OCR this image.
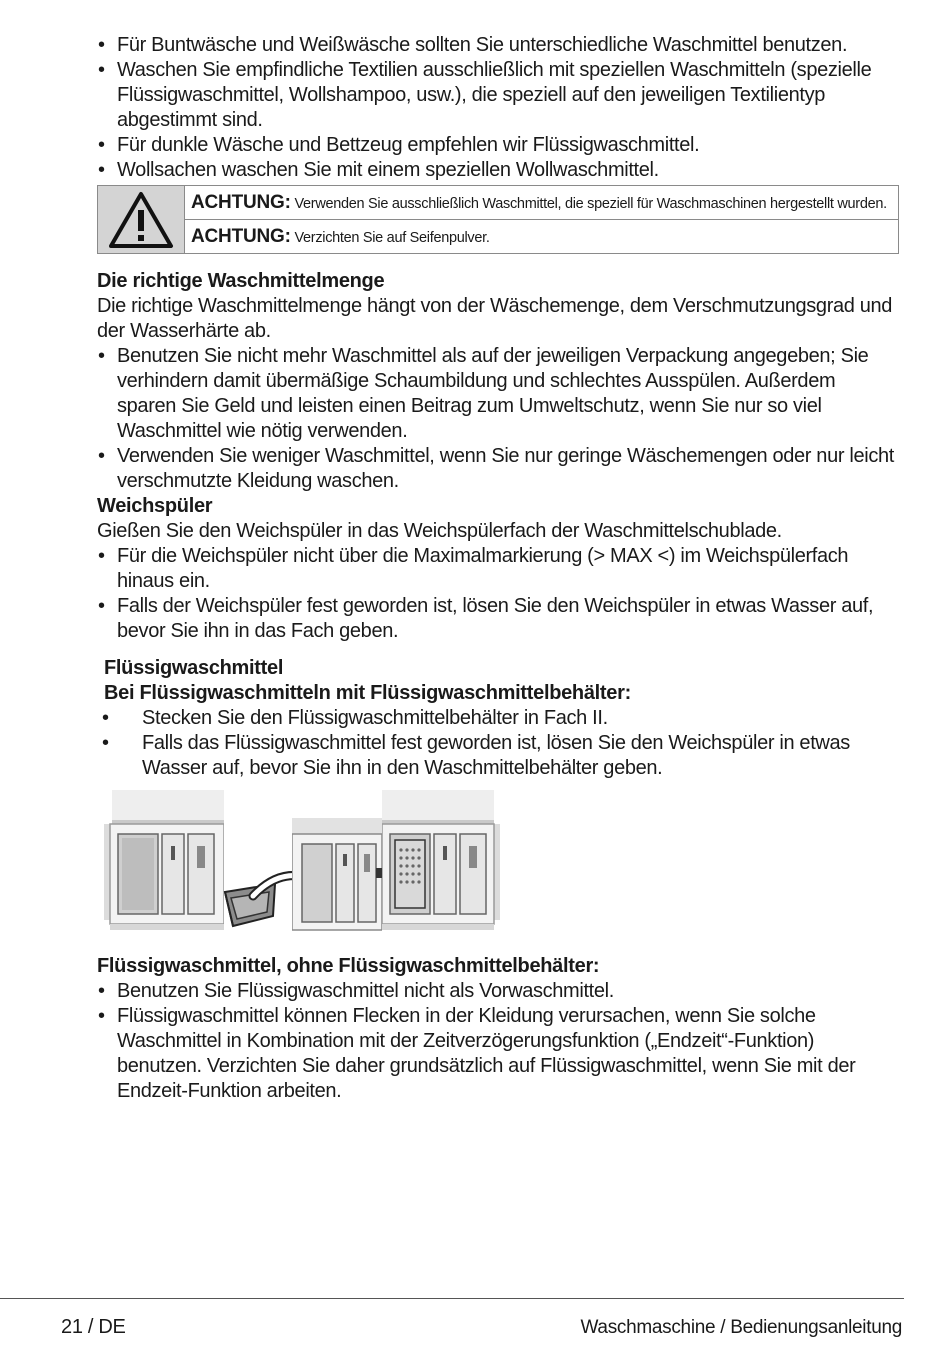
• Für Buntwäsche und Weißwäsche sollten Sie unterschiedliche Waschmittel benutzen.
• Waschen Sie empfindliche Textilien ausschließlich mit speziellen Waschmitteln (spezielle Flüssigwaschmittel, Wollshampoo, usw.), die speziell auf den jeweiligen Textilientyp abgestimmt sind.
• Für dunkle Wäsche und Bettzeug empfehlen wir Flüssigwaschmittel.
• Wollsachen waschen Sie mit einem speziellen Wollwaschmittel.
ACHTUNG: Verwenden Sie ausschließlich Waschmittel, die speziell für Waschmaschinen hergestellt wurden.
ACHTUNG: Verzichten Sie auf Seifenpulver.
Die richtige Waschmittelmenge

Die richtige Waschmittelmenge hängt von der Wäschemenge, dem Verschmutzungsgrad und der Wasserhärte ab.

• Benutzen Sie nicht mehr Waschmittel als auf der jeweiligen Verpackung angegeben; Sie verhindern damit übermäßige Schaumbildung und schlechtes Ausspülen. Außerdem sparen Sie Geld und leisten einen Beitrag zum Umweltschutz, wenn Sie nur so viel Waschmittel wie nötig verwenden.
• Verwenden Sie weniger Waschmittel, wenn Sie nur geringe Wäschemengen oder nur leicht verschmutzte Kleidung waschen.
Weichspüler

Gießen Sie den Weichspüler in das Weichspülerfach der Waschmittelschublade.

• Für die Weichspüler nicht über die Maximalmarkierung (> MAX <) im Weichspülerfach hinaus ein.
• Falls der Weichspüler fest geworden ist, lösen Sie den Weichspüler in etwas Wasser auf, bevor Sie ihn in das Fach geben.
Flüssigwaschmittel
Bei Flüssigwaschmitteln mit Flüssigwaschmittelbehälter:
• Stecken Sie den Flüssigwaschmittelbehälter in Fach II.
• Falls das Flüssigwaschmittel fest geworden ist, lösen Sie den Weichspüler in etwas Wasser auf, bevor Sie ihn in den Waschmittelbehälter geben.
Flüssigwaschmittel, ohne Flüssigwaschmittelbehälter:
• Benutzen Sie Flüssigwaschmittel nicht als Vorwaschmittel.
• Flüssigwaschmittel können Flecken in der Kleidung verursachen, wenn Sie solche Waschmittel in Kombination mit der Zeitverzögerungsfunktion („Endzeit“-Funktion) benutzen. Verzichten Sie daher grundsätzlich auf Flüssigwaschmittel, wenn Sie mit der Endzeit-Funktion arbeiten.
21 / DE	Waschmaschine / Bedienungsanleitung
